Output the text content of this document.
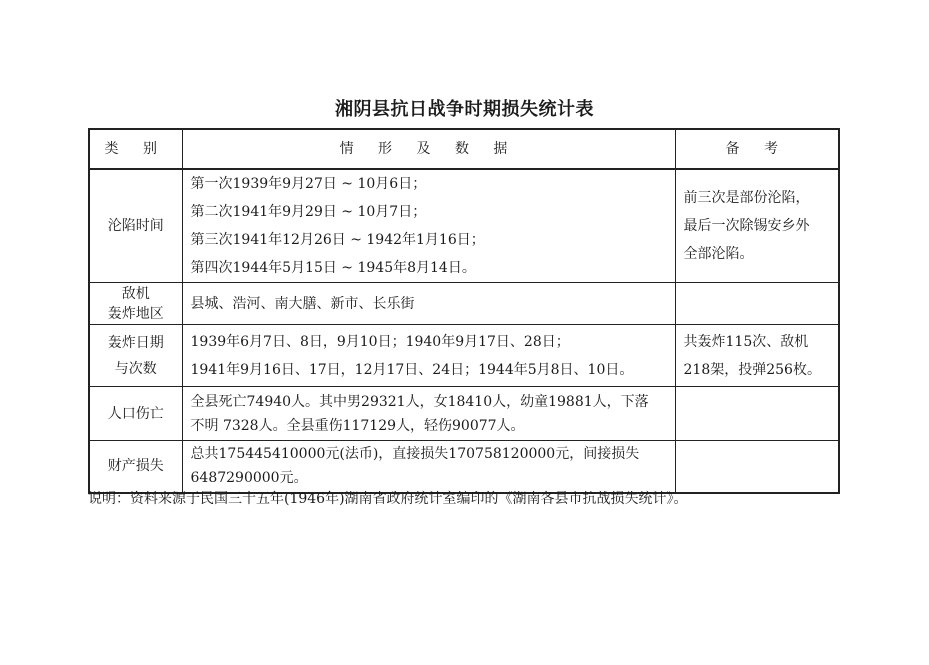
湘阴县抗日战争时期损失统计表
类 别	情 形 及 数 据	备 考

沦陷时间	第一次1939年9月27日 ~ 10月6日；
第二次1941年9月29日 ~ 10月7日；
第三次1941年12月26日 ~ 1942年1月16日；
第四次1944年5月15日 ~ 1945年8月14日。	前三次是部份沦陷，
最后一次除锡安乡外
全部沦陷。

敌机
轰炸地区	县城、浩河、南大膳、新市、长乐街	

轰炸日期
与次数	1939年6月7日、8日，9月10日；1940年9月17日、28日；
1941年9月16日、17日，12月17日、24日；1944年5月8日、10日。	共轰炸115次、敌机
218架，投弹256枚。

人口伤亡	全县死亡74940人。其中男29321人，女18410人，幼童19881人，下落
不明 7328人。全县重伤117129人，轻伤90077人。	

财产损失	总共175445410000元(法币)，直接损失170758120000元，间接损失
6487290000元。	

说明：资料来源于民国三十五年(1946年)湖南省政府统计室编印的《湖南各县市抗战损失统计》。
